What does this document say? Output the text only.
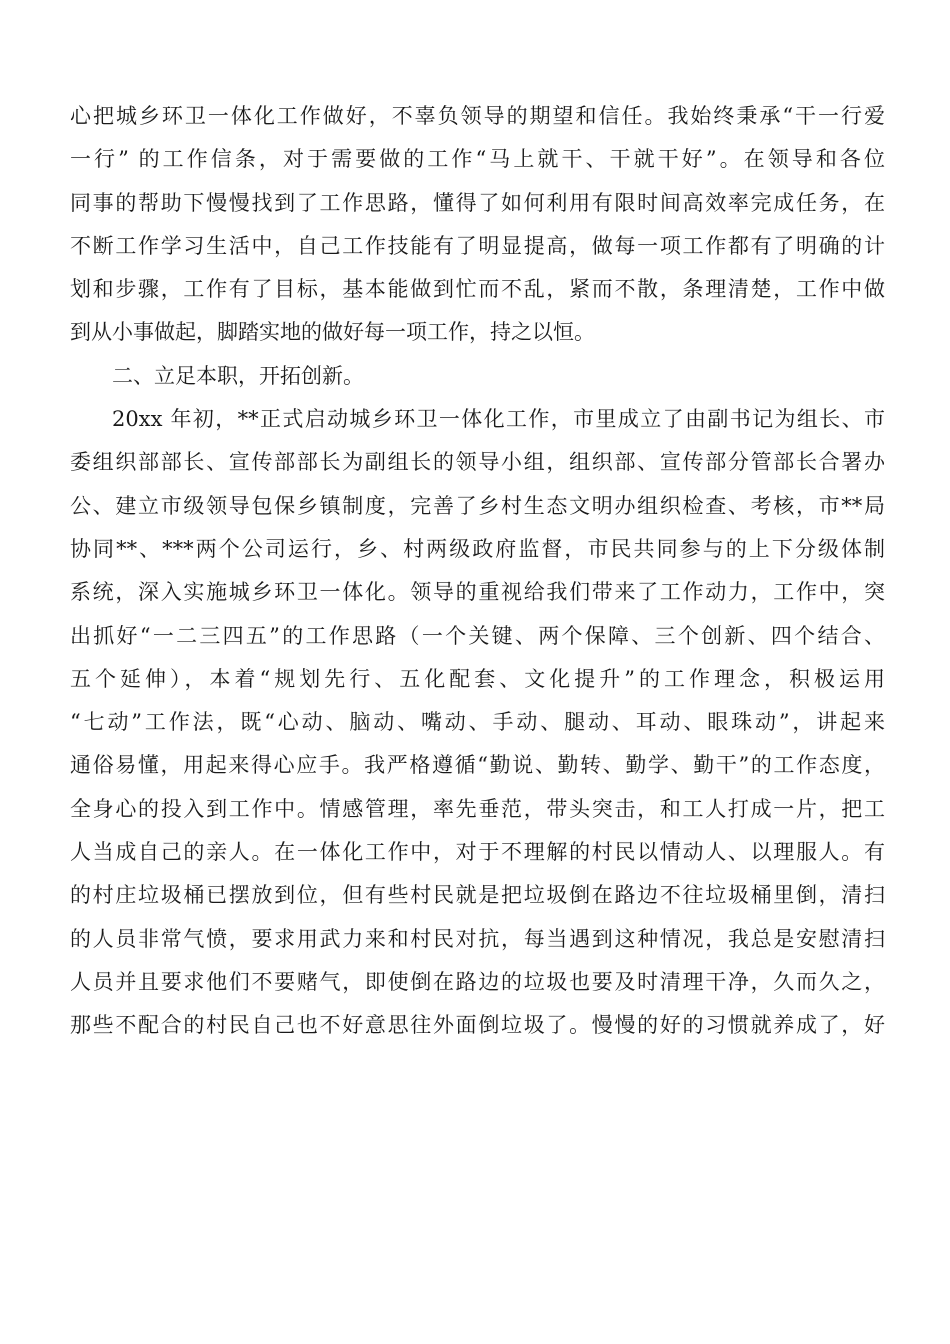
心把城乡环卫一体化工作做好，不辜负领导的期望和信任。我始终秉承“干一行爱
一行” 的工作信条，对于需要做的工作“马上就干、干就干好”。在领导和各位
同事的帮助下慢慢找到了工作思路，懂得了如何利用有限时间高效率完成任务，在
不断工作学习生活中，自己工作技能有了明显提高，做每一项工作都有了明确的计
划和步骤，工作有了目标，基本能做到忙而不乱，紧而不散，条理清楚，工作中做
到从小事做起，脚踏实地的做好每一项工作，持之以恒。
二、立足本职，开拓创新。
20xx 年初，**正式启动城乡环卫一体化工作，市里成立了由副书记为组长、市
委组织部部长、宣传部部长为副组长的领导小组，组织部、宣传部分管部长合署办
公、建立市级领导包保乡镇制度，完善了乡村生态文明办组织检查、考核，市**局
协同**、***两个公司运行，乡、村两级政府监督，市民共同参与的上下分级体制
系统，深入实施城乡环卫一体化。领导的重视给我们带来了工作动力，工作中，突
出抓好“一二三四五”的工作思路（一个关键、两个保障、三个创新、四个结合、
五个延伸），本着“规划先行、五化配套、文化提升”的工作理念，积极运用
“七动”工作法，既“心动、脑动、嘴动、手动、腿动、耳动、眼珠动”，讲起来
通俗易懂，用起来得心应手。我严格遵循“勤说、勤转、勤学、勤干”的工作态度，
全身心的投入到工作中。情感管理，率先垂范，带头突击，和工人打成一片，把工
人当成自己的亲人。在一体化工作中，对于不理解的村民以情动人、以理服人。有
的村庄垃圾桶已摆放到位，但有些村民就是把垃圾倒在路边不往垃圾桶里倒，清扫
的人员非常气愤，要求用武力来和村民对抗，每当遇到这种情况，我总是安慰清扫
人员并且要求他们不要赌气，即使倒在路边的垃圾也要及时清理干净，久而久之，
那些不配合的村民自己也不好意思往外面倒垃圾了。慢慢的好的习惯就养成了，好
